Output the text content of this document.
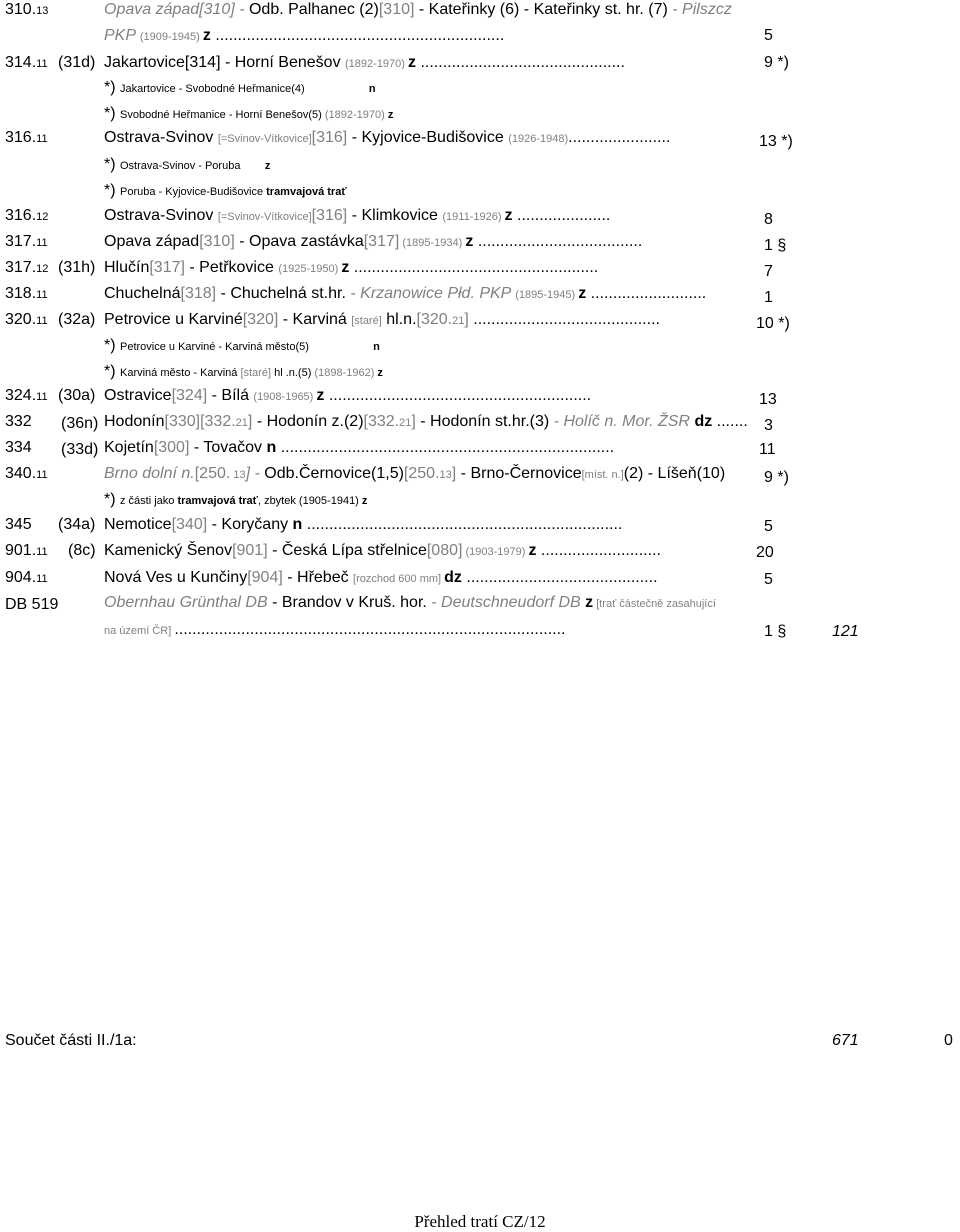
310.13	Opava západ[310] - Odb. Palhanec (2)[310] - Kateřinky (6) - Kateřinky st. hr. (7) - Pilszcz
PKP (1909-1945) z .................................................................	5
314.11 (31d) Jakartovice[314] - Horní Benešov (1892-1970) z ..............................................	9 *)
*) Jakartovice - Svobodné Heřmanice(4)                     n
*) Svobodné Heřmanice - Horní Benešov(5) (1892-1970) z
316.11	Ostrava-Svinov [=Svinov-Vítkovice][316] - Kyjovice-Budišovice (1926-1948).......................	13 *)
*) Ostrava-Svinov - Poruba        z
*) Poruba - Kyjovice-Budišovice tramvajová trať
316.12	Ostrava-Svinov [=Svinov-Vítkovice][316] - Klimkovice (1911-1926) z .....................	8
317.11	Opava západ[310] - Opava zastávka[317] (1895-1934) z .....................................	1 §
317.12 (31h) Hlučín[317] - Petřkovice (1925-1950) z .......................................................	7
318.11	Chuchelná[318] - Chuchelná st.hr. - Krzanowice Płd. PKP (1895-1945) z ..........................	1
320.11 (32a) Petrovice u Karviné[320] - Karviná [staré] hl.n.[320.21] ..........................................	10 *)
*) Petrovice u Karviné - Karviná město(5)                     n
*) Karviná město - Karviná [staré] hl .n.(5) (1898-1962) z
324.11 (30a) Ostravice[324] - Bílá (1908-1965) z ...........................................................	13
332 (36n) Hodonín[330][332.21] - Hodonín z.(2)[332.21] - Hodonín st.hr.(3) - Holíč n. Mor. ŽSR dz ....... 3
334 (33d) Kojetín[300] - Tovačov n ...........................................................................	11
340.11	Brno dolní n.[250. 13] - Odb.Černovice(1,5)[250.13] - Brno-Černovice[míst. n.](2) - Líšeň(10) 9 *)
*) z části jako tramvajová trať, zbytek (1905-1941) z
345 (34a) Nemotice[340] - Koryčany n .......................................................................	5
901.11 (8c) Kamenický Šenov[901] - Česká Lípa střelnice[080] (1903-1979) z ...........................	20
904.11	Nová Ves u Kunčiny[904] - Hřebeč [rozchod 600 mm] dz ...........................................	5
DB 519	Obernhau Grünthal DB - Brandov v Kruš. hor. - Deutschneudorf DB z [trať částečně zasahující
na území ČR] ........................................................................................	1 §	121
Součet části II./1a:	671	0
Přehled tratí CZ/12
